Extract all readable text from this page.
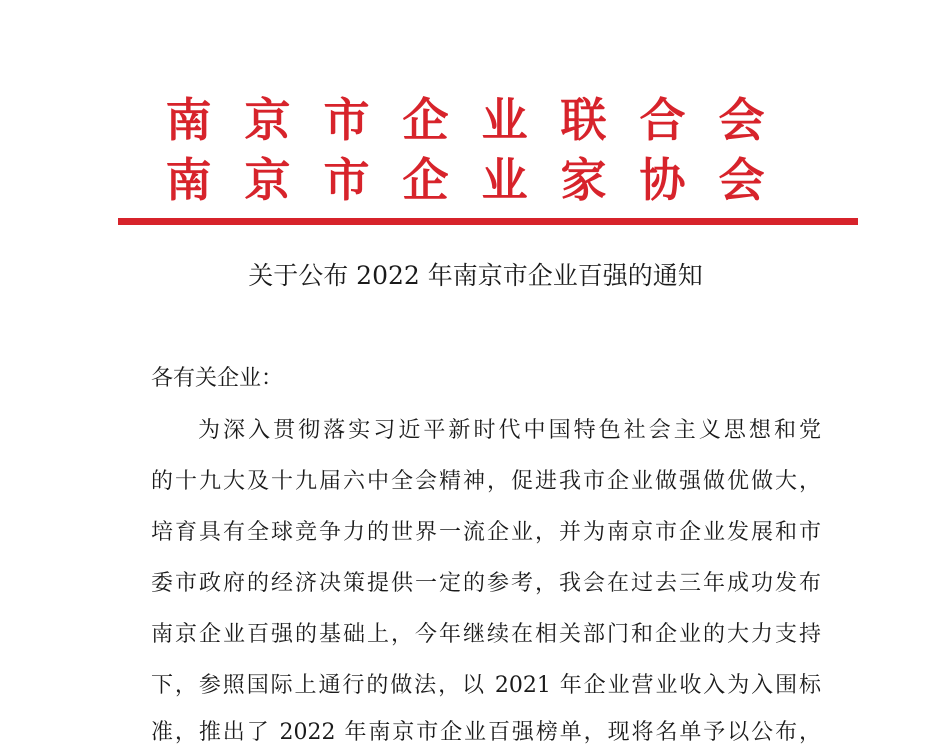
南京市企业联合会
南京市企业家协会
关于公布 2022 年南京市企业百强的通知
各有关企业：
为深入贯彻落实习近平新时代中国特色社会主义思想和党
的十九大及十九届六中全会精神，促进我市企业做强做优做大，
培育具有全球竞争力的世界一流企业，并为南京市企业发展和市
委市政府的经济决策提供一定的参考，我会在过去三年成功发布
南京企业百强的基础上，今年继续在相关部门和企业的大力支持
下，参照国际上通行的做法，以 2021 年企业营业收入为入围标
准，推出了 2022 年南京市企业百强榜单，现将名单予以公布，
